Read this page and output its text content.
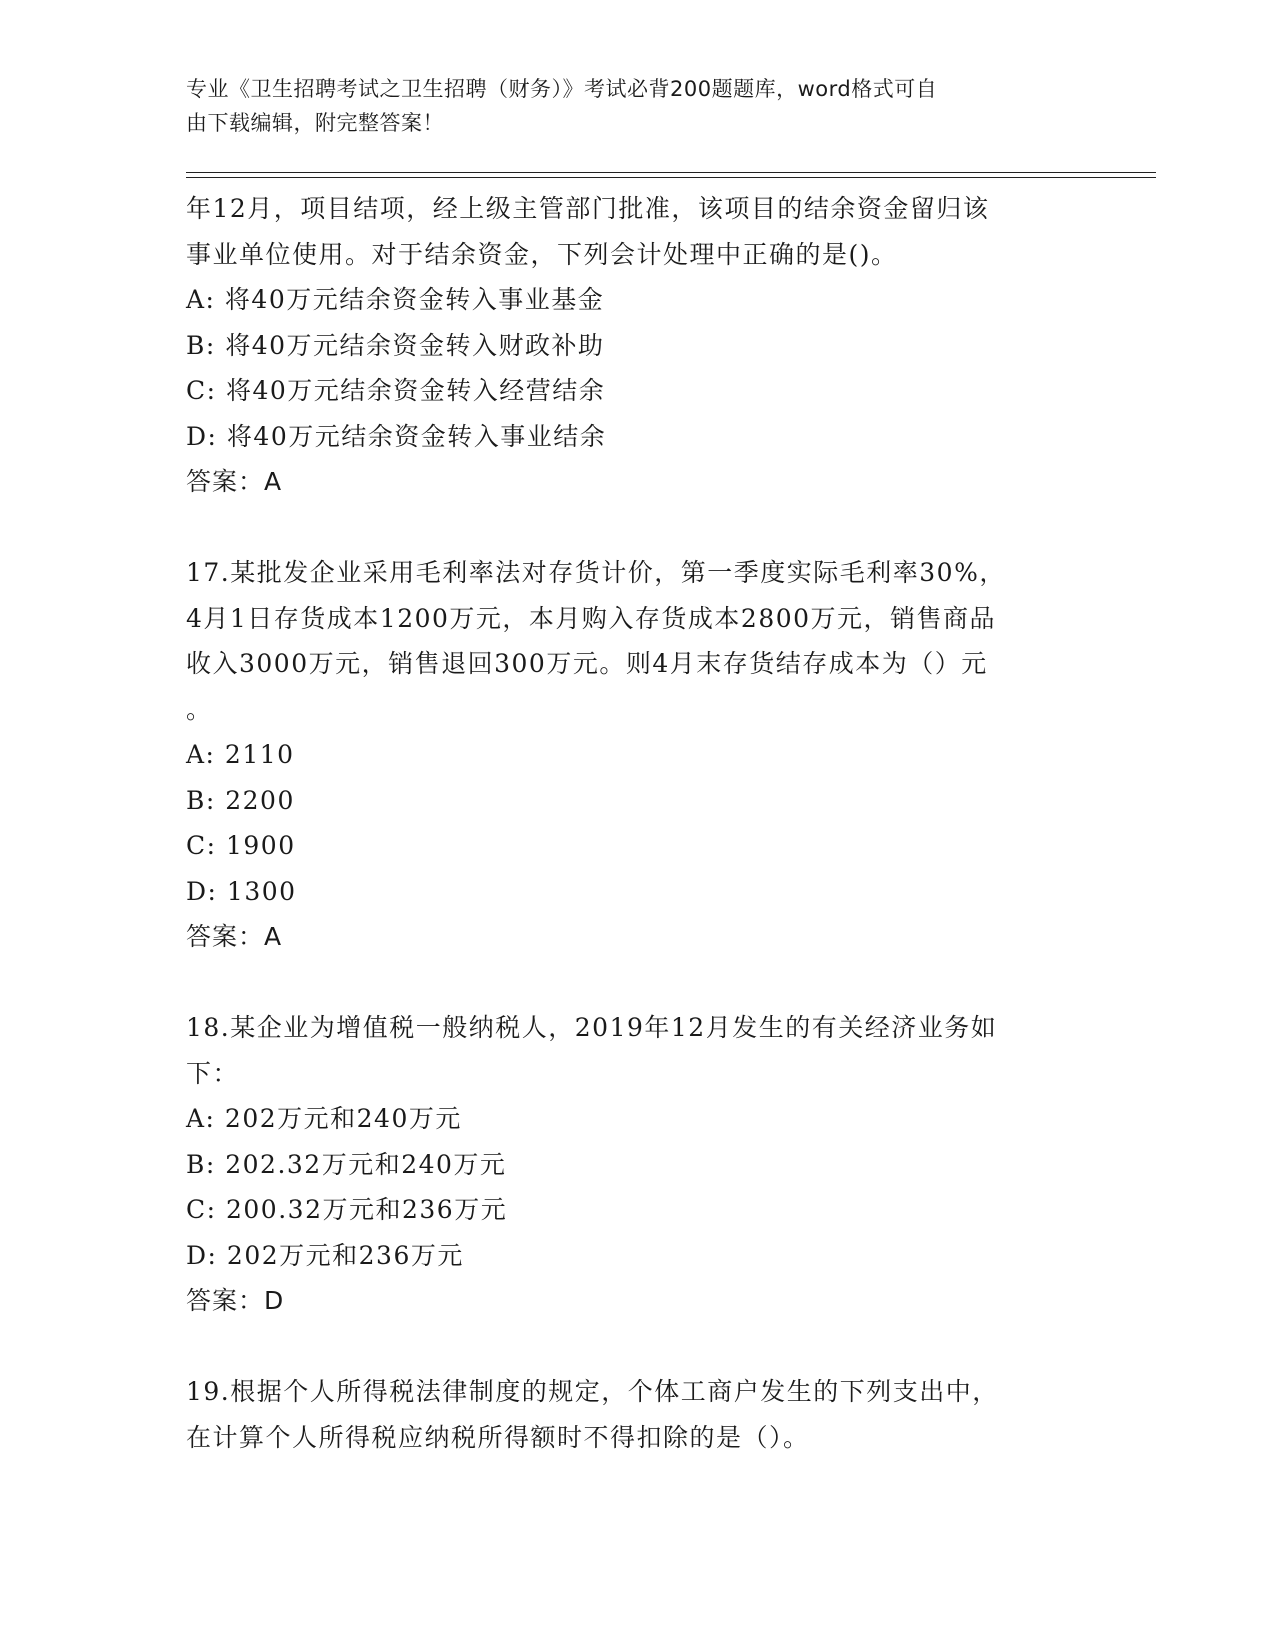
专业《卫生招聘考试之卫生招聘（财务）》考试必背200题题库，word格式可自
由下载编辑，附完整答案！
年12月，项目结项，经上级主管部门批准，该项目的结余资金留归该
事业单位使用。对于结余资金，下列会计处理中正确的是()。
A: 将40万元结余资金转入事业基金
B: 将40万元结余资金转入财政补助
C: 将40万元结余资金转入经营结余
D: 将40万元结余资金转入事业结余
答案：A
17.某批发企业采用毛利率法对存货计价，第一季度实际毛利率30%，
4月1日存货成本1200万元，本月购入存货成本2800万元，销售商品
收入3000万元，销售退回300万元。则4月末存货结存成本为（）元
。
A: 2110
B: 2200
C: 1900
D: 1300
答案：A
18.某企业为增值税一般纳税人，2019年12月发生的有关经济业务如
下：
A: 202万元和240万元
B: 202.32万元和240万元
C: 200.32万元和236万元
D: 202万元和236万元
答案：D
19.根据个人所得税法律制度的规定，个体工商户发生的下列支出中，
在计算个人所得税应纳税所得额时不得扣除的是（）。
